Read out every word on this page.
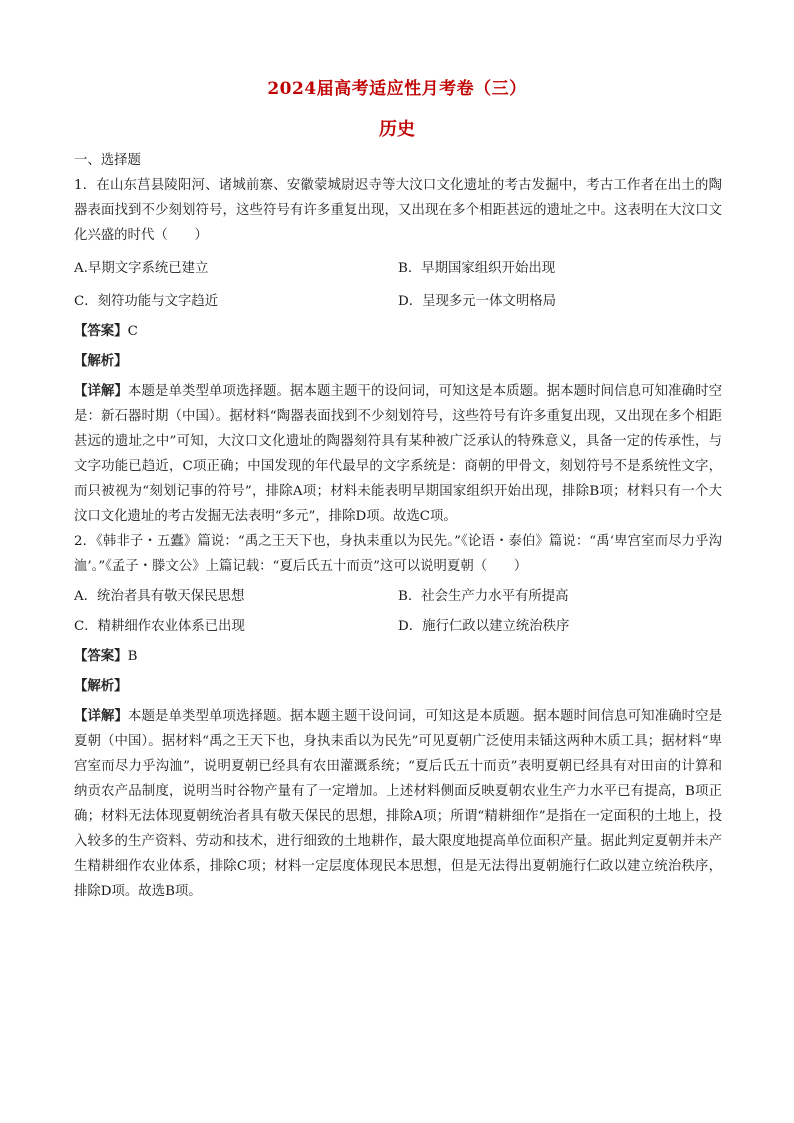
2024届高考适应性月考卷（三）
历史

一、选择题

1．在山东莒县陵阳河、诸城前寨、安徽蒙城尉迟寺等大汶口文化遗址的考古发掘中，考古工作者在出土的陶器表面找到不少刻划符号，这些符号有许多重复出现，又出现在多个相距甚远的遗址之中。这表明在大汶口文化兴盛的时代（　　）

A.早期文字系统已建立	B．早期国家组织开始出现
C．刻符功能与文字趋近	D．呈现多元一体文明格局

【答案】C

【解析】

【详解】本题是单类型单项选择题。据本题主题干的设问词，可知这是本质题。据本题时间信息可知准确时空是：新石器时期（中国）。据材料“陶器表面找到不少刻划符号，这些符号有许多重复出现，又出现在多个相距甚远的遗址之中”可知，大汶口文化遗址的陶器刻符具有某种被广泛承认的特殊意义，具备一定的传承性，与文字功能已趋近，C项正确；中国发现的年代最早的文字系统是：商朝的甲骨文，刻划符号不是系统性文字，而只被视为“刻划记事的符号”，排除A项；材料未能表明早期国家组织开始出现，排除B项；材料只有一个大汶口文化遗址的考古发掘无法表明“多元”，排除D项。故选C项。

2．《韩非子・五蠹》篇说：“禹之王天下也，身执耒重以为民先。”《论语・泰伯》篇说：“禹‘卑宫室而尽力乎沟洫’。”《孟子・滕文公》上篇记载：“夏后氏五十而贡”这可以说明夏朝（　　）

A．统治者具有敬天保民思想	B．社会生产力水平有所提高
C．精耕细作农业体系已出现	D．施行仁政以建立统治秩序

【答案】B

【解析】

【详解】本题是单类型单项选择题。据本题主题干设问词，可知这是本质题。据本题时间信息可知准确时空是夏朝（中国）。据材料“禹之王天下也，身执耒臿以为民先”可见夏朝广泛使用耒锸这两种木质工具；据材料“卑宫室而尽力乎沟洫”，说明夏朝已经具有农田灌溉系统；“夏后氏五十而贡”表明夏朝已经具有对田亩的计算和纳贡农产品制度，说明当时谷物产量有了一定增加。上述材料侧面反映夏朝农业生产力水平已有提高，B项正确；材料无法体现夏朝统治者具有敬天保民的思想，排除A项；所谓“精耕细作”是指在一定面积的土地上，投入较多的生产资料、劳动和技术，进行细致的土地耕作，最大限度地提高单位面积产量。据此判定夏朝并未产生精耕细作农业体系，排除C项；材料一定层度体现民本思想，但是无法得出夏朝施行仁政以建立统治秩序，排除D项。故选B项。
